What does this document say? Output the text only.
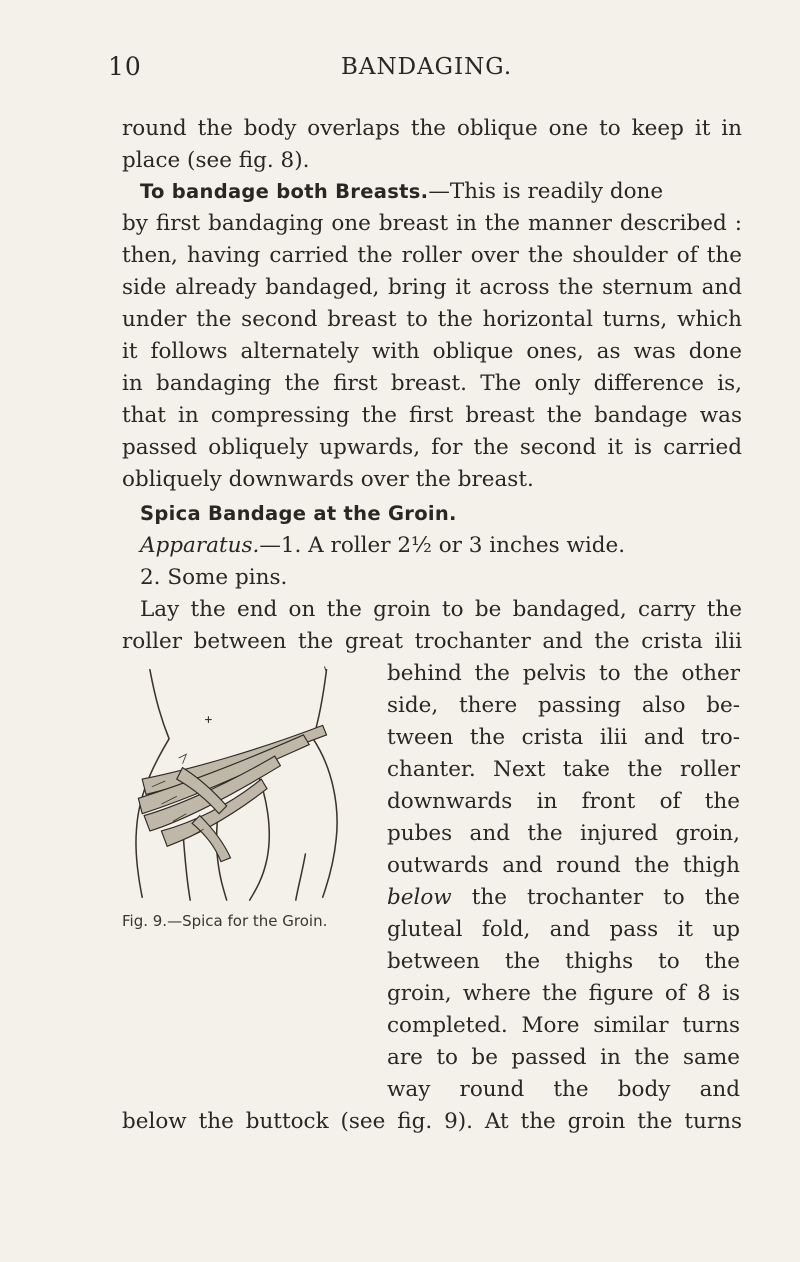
10	BANDAGING.
round the body overlaps the oblique one to keep it in
place (see fig. 8).
To bandage both Breasts.—This is readily done
by first bandaging one breast in the manner described :
then, having carried the roller over the shoulder of the
side already bandaged, bring it across the sternum and
under the second breast to the horizontal turns, which
it follows alternately with oblique ones, as was done
in bandaging the first breast. The only difference is,
that in compressing the first breast the bandage was
passed obliquely upwards, for the second it is carried
obliquely downwards over the breast.
Spica Bandage at the Groin.
Apparatus.—1. A roller 2½ or 3 inches wide.
2. Some pins.
Lay the end on the groin to be bandaged, carry the
roller between the great trochanter and the crista ilii
behind the pelvis to the other
side, there passing also be-
tween the crista ilii and tro-
chanter. Next take the roller
downwards in front of the
pubes and the injured groin,
outwards and round the thigh
below the trochanter to the
gluteal fold, and pass it up
between the thighs to the
groin, where the figure of 8 is
completed. More similar turns
are to be passed in the same
way round the body and
below the buttock (see fig. 9). At the groin the turns
Fig. 9.—Spica for the Groin.
